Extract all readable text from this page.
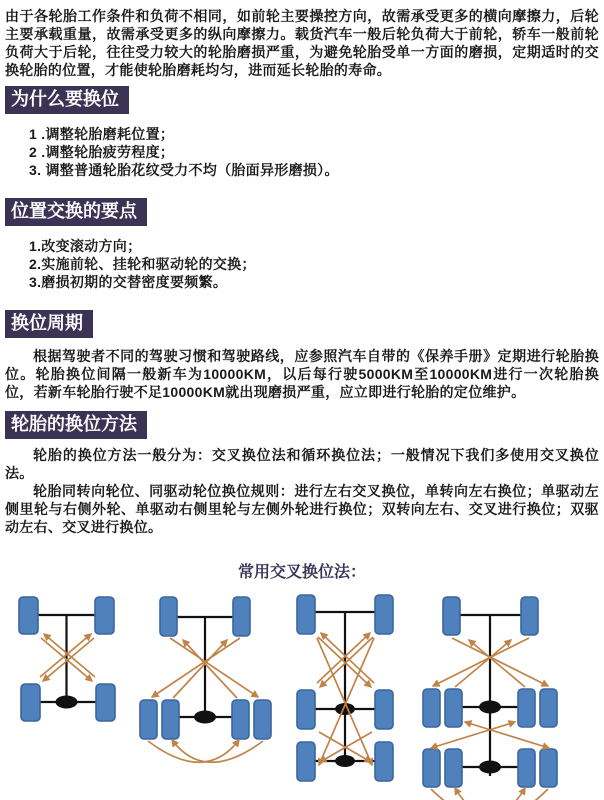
由于各轮胎工作条件和负荷不相同，如前轮主要操控方向，故需承受更多的横向摩擦力，后轮主要承载重量，故需承受更多的纵向摩擦力。载货汽车一般后轮负荷大于前轮，轿车一般前轮负荷大于后轮，往往受力较大的轮胎磨损严重，为避免轮胎受单一方面的磨损，定期适时的交换轮胎的位置，才能使轮胎磨耗均匀，进而延长轮胎的寿命。

为什么要换位
1 .调整轮胎磨耗位置；
2 .调整轮胎疲劳程度；
3. 调整普通轮胎花纹受力不均（胎面异形磨损）。
位置交换的要点
1.改变滚动方向；
2.实施前轮、挂轮和驱动轮的交换；
3.磨损初期的交替密度要频繁。
换位周期

根据驾驶者不同的驾驶习惯和驾驶路线，应参照汽车自带的《保养手册》定期进行轮胎换位。轮胎换位间隔一般新车为10000KM，以后每行驶5000KM至10000KM进行一次轮胎换位，若新车轮胎行驶不足10000KM就出现磨损严重，应立即进行轮胎的定位维护。

轮胎的换位方法

轮胎的换位方法一般分为：交叉换位法和循环换位法；一般情况下我们多使用交叉换位法。

轮胎同转向轮位、同驱动轮位换位规则：进行左右交叉换位，单转向左右换位；单驱动左侧里轮与右侧外轮、单驱动右侧里轮与左侧外轮进行换位；双转向左右、交叉进行换位；双驱动左右、交叉进行换位。

常用交叉换位法：
